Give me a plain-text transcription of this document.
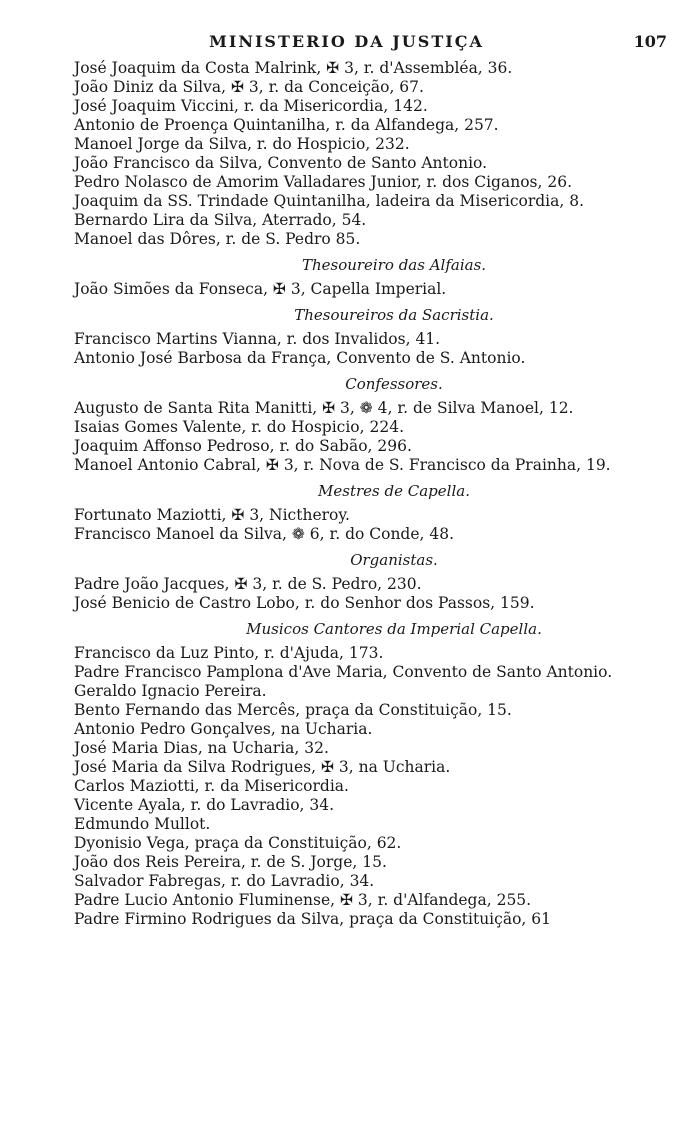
MINISTERIO DA JUSTIÇA	107
José Joaquim da Costa Malrink, ✠ 3, r. d'Assembléa, 36.
João Diniz da Silva, ✠ 3, r. da Conceição, 67.
José Joaquim Viccini, r. da Misericordia, 142.
Antonio de Proença Quintanilha, r. da Alfandega, 257.
Manoel Jorge da Silva, r. do Hospicio, 232.
João Francisco da Silva, Convento de Santo Antonio.
Pedro Nolasco de Amorim Valladares Junior, r. dos Ciganos, 26.
Joaquim da SS. Trindade Quintanilha, ladeira da Misericordia, 8.
Bernardo Lira da Silva, Aterrado, 54.
Manoel das Dôres, r. de S. Pedro 85.
Thesoureiro das Alfaias.
João Simões da Fonseca, ✠ 3, Capella Imperial.
Thesoureiros da Sacristia.
Francisco Martins Vianna, r. dos Invalidos, 41.
Antonio José Barbosa da França, Convento de S. Antonio.
Confessores.
Augusto de Santa Rita Manitti, ✠ 3, ❁ 4, r. de Silva Manoel, 12.
Isaias Gomes Valente, r. do Hospicio, 224.
Joaquim Affonso Pedroso, r. do Sabão, 296.
Manoel Antonio Cabral, ✠ 3, r. Nova de S. Francisco da Prainha, 19.
Mestres de Capella.
Fortunato Maziotti, ✠ 3, Nictheroy.
Francisco Manoel da Silva, ❁ 6, r. do Conde, 48.
Organistas.
Padre João Jacques, ✠ 3, r. de S. Pedro, 230.
José Benicio de Castro Lobo, r. do Senhor dos Passos, 159.
Musicos Cantores da Imperial Capella.
Francisco da Luz Pinto, r. d'Ajuda, 173.
Padre Francisco Pamplona d'Ave Maria, Convento de Santo Antonio.
Geraldo Ignacio Pereira.
Bento Fernando das Mercês, praça da Constituição, 15.
Antonio Pedro Gonçalves, na Ucharia.
José Maria Dias, na Ucharia, 32.
José Maria da Silva Rodrigues, ✠ 3, na Ucharia.
Carlos Maziotti, r. da Misericordia.
Vicente Ayala, r. do Lavradio, 34.
Edmundo Mullot.
Dyonisio Vega, praça da Constituição, 62.
João dos Reis Pereira, r. de S. Jorge, 15.
Salvador Fabregas, r. do Lavradio, 34.
Padre Lucio Antonio Fluminense, ✠ 3, r. d'Alfandega, 255.
Padre Firmino Rodrigues da Silva, praça da Constituição, 61
